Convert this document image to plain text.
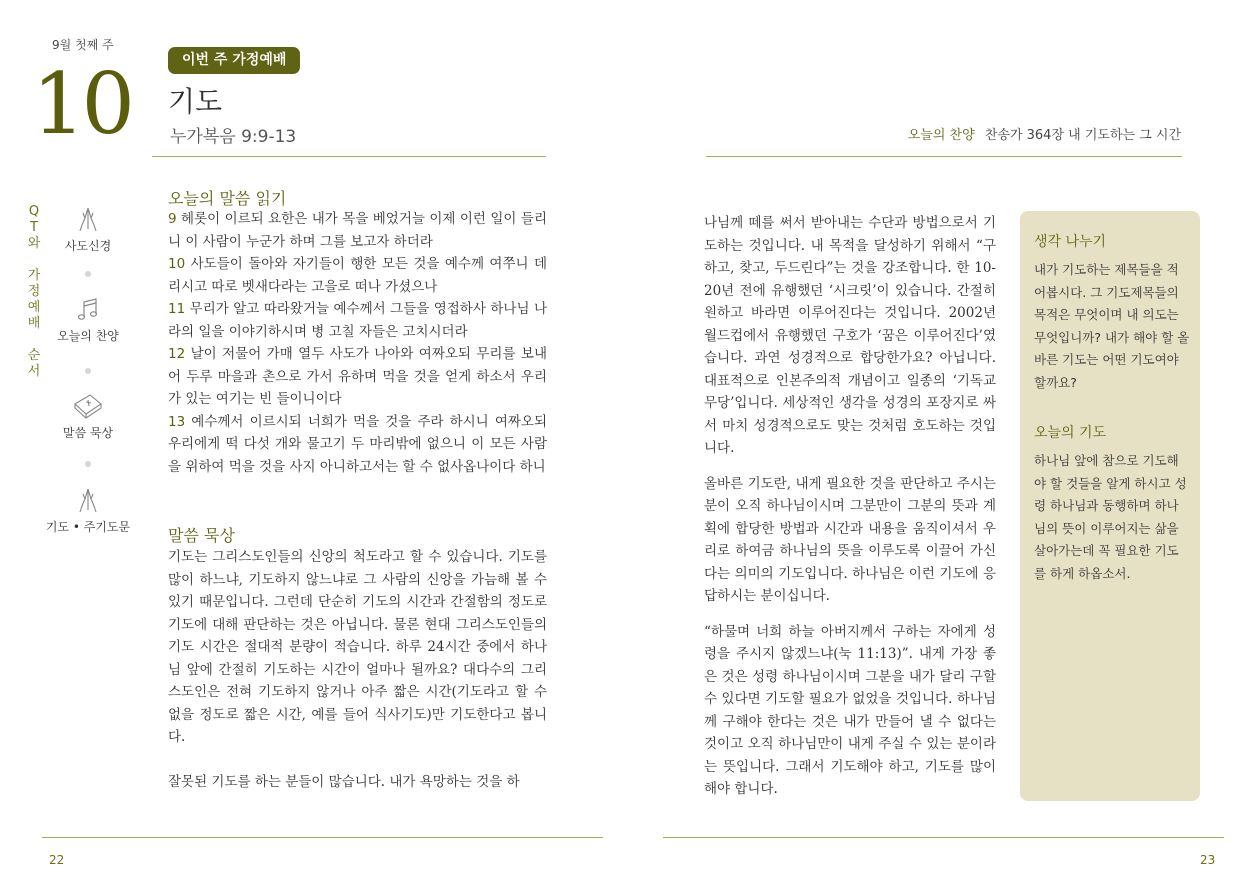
9월 첫째 주
10	이번 주 가정예배
기도
누가복음 9:9-13	오늘의 찬양 찬송가 364장 내 기도하는 그 시간
Q
T
와
가
정
예
배
순
서
사도신경
오늘의 찬양
말씀 묵상
기도 • 주기도문
오늘의 말씀 읽기
9 헤롯이 이르되 요한은 내가 목을 베었거늘 이제 이런 일이 들리니 이 사람이 누군가 하며 그를 보고자 하더라
10 사도들이 돌아와 자기들이 행한 모든 것을 예수께 여쭈니 데리시고 따로 벳새다라는 고을로 떠나 가셨으나
11 무리가 알고 따라왔거늘 예수께서 그들을 영접하사 하나님 나라의 일을 이야기하시며 병 고칠 자들은 고치시더라
12 날이 저물어 가매 열두 사도가 나아와 여짜오되 무리를 보내어 두루 마을과 촌으로 가서 유하며 먹을 것을 얻게 하소서 우리가 있는 여기는 빈 들이니이다
13 예수께서 이르시되 너희가 먹을 것을 주라 하시니 여짜오되 우리에게 떡 다섯 개와 물고기 두 마리밖에 없으니 이 모든 사람을 위하여 먹을 것을 사지 아니하고서는 할 수 없사옵나이다 하니
말씀 묵상
기도는 그리스도인들의 신앙의 척도라고 할 수 있습니다. 기도를 많이 하느냐, 기도하지 않느냐로 그 사람의 신앙을 가늠해 볼 수 있기 때문입니다. 그런데 단순히 기도의 시간과 간절함의 정도로 기도에 대해 판단하는 것은 아닙니다. 물론 현대 그리스도인들의 기도 시간은 절대적 분량이 적습니다. 하루 24시간 중에서 하나님 앞에 간절히 기도하는 시간이 얼마나 될까요? 대다수의 그리스도인은 전혀 기도하지 않거나 아주 짧은 시간(기도라고 할 수 없을 정도로 짧은 시간, 예를 들어 식사기도)만 기도한다고 봅니다.
잘못된 기도를 하는 분들이 많습니다. 내가 욕망하는 것을 하

나님께 떼를 써서 받아내는 수단과 방법으로서 기도하는 것입니다. 내 목적을 달성하기 위해서 “구하고, 찾고, 두드린다”는 것을 강조합니다. 한 10-20년 전에 유행했던 ‘시크릿’이 있습니다. 간절히 원하고 바라면 이루어진다는 것입니다. 2002년 월드컵에서 유행했던 구호가 ‘꿈은 이루어진다’였습니다. 과연 성경적으로 합당한가요? 아닙니다. 대표적으로 인본주의적 개념이고 일종의 ‘기독교 무당’입니다. 세상적인 생각을 성경의 포장지로 싸서 마치 성경적으로도 맞는 것처럼 호도하는 것입니다.

올바른 기도란, 내게 필요한 것을 판단하고 주시는 분이 오직 하나님이시며 그분만이 그분의 뜻과 계획에 합당한 방법과 시간과 내용을 움직이셔서 우리로 하여금 하나님의 뜻을 이루도록 이끌어 가신다는 의미의 기도입니다. 하나님은 이런 기도에 응답하시는 분이십니다.

“하물며 너희 하늘 아버지께서 구하는 자에게 성령을 주시지 않겠느냐(눅 11:13)”. 내게 가장 좋은 것은 성령 하나님이시며 그분을 내가 달리 구할 수 있다면 기도할 필요가 없었을 것입니다. 하나님께 구해야 한다는 것은 내가 만들어 낼 수 없다는 것이고 오직 하나님만이 내게 주실 수 있는 분이라는 뜻입니다. 그래서 기도해야 하고, 기도를 많이해야 합니다.

생각 나누기
내가 기도하는 제목들을 적어봅시다. 그 기도제목들의 목적은 무엇이며 내 의도는 무엇입니까? 내가 해야 할 올바른 기도는 어떤 기도여야 할까요?
오늘의 기도
하나님 앞에 참으로 기도해야 할 것들을 알게 하시고 성령 하나님과 동행하며 하나님의 뜻이 이루어지는 삶을 살아가는데 꼭 필요한 기도를 하게 하옵소서.
22	23
